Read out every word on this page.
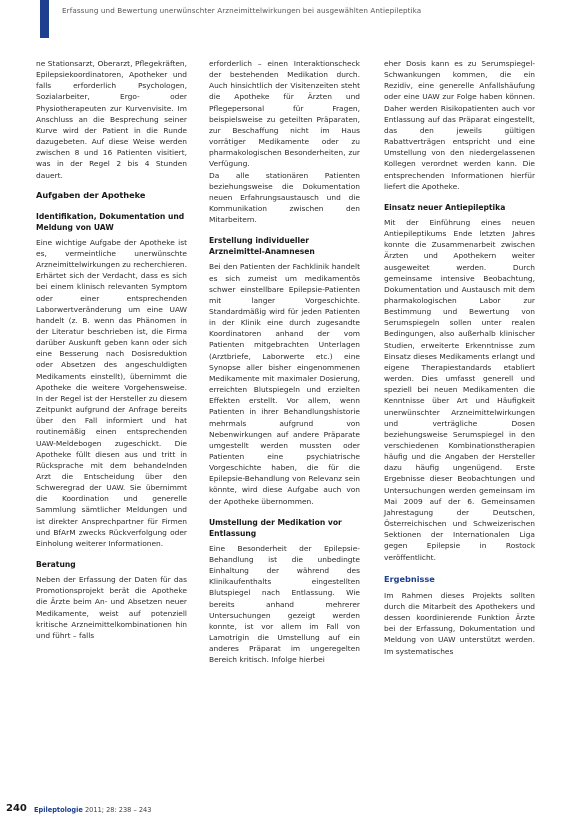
Erfassung und Bewertung unerwünschter Arzneimittelwirkungen bei ausgewählten Antiepileptika

ne Stationsarzt, Oberarzt, Pflegekräften, Epilepsiekoordinatoren, Apotheker und falls erforderlich Psychologen, Sozialarbeiter, Ergo- oder Physiotherapeuten zur Kurvenvisite. Im Anschluss an die Besprechung seiner Kurve wird der Patient in die Runde dazugebeten. Auf diese Weise werden zwischen 8 und 16 Patienten visitiert, was in der Regel 2 bis 4 Stunden dauert.

Aufgaben der Apotheke
Identifikation, Dokumentation und Meldung von UAW

Eine wichtige Aufgabe der Apotheke ist es, vermeintliche unerwünschte Arzneimittelwirkungen zu recherchieren. Erhärtet sich der Verdacht, dass es sich bei einem klinisch relevanten Symptom oder einer entsprechenden Laborwertveränderung um eine UAW handelt (z. B. wenn das Phänomen in der Literatur beschrieben ist, die Firma darüber Auskunft geben kann oder sich eine Besserung nach Dosisreduktion oder Absetzen des angeschuldigten Medikaments einstellt), übernimmt die Apotheke die weitere Vorgehensweise. In der Regel ist der Hersteller zu diesem Zeitpunkt aufgrund der Anfrage bereits über den Fall informiert und hat routinemäßig einen entsprechenden UAW-Meldebogen zugeschickt. Die Apotheke füllt diesen aus und tritt in Rücksprache mit dem behandelnden Arzt die Entscheidung über den Schweregrad der UAW. Sie übernimmt die Koordination und generelle Sammlung sämtlicher Meldungen und ist direkter Ansprechpartner für Firmen und BfArM zwecks Rückverfolgung oder Einholung weiterer Informationen.

Beratung

Neben der Erfassung der Daten für das Promotionsprojekt berät die Apotheke die Ärzte beim An- und Absetzen neuer Medikamente, weist auf potenziell kritische Arzneimittelkombinationen hin und führt – falls

erforderlich – einen Interaktionscheck der bestehenden Medikation durch. Auch hinsichtlich der Visitenzeiten steht die Apotheke für Ärzten und Pflegepersonal für Fragen, beispielsweise zu geteilten Präparaten, zur Beschaffung nicht im Haus vorrätiger Medikamente oder zu pharmakologischen Besonderheiten, zur Verfügung.
Da alle stationären Patienten beziehungsweise die Dokumentation neuen Erfahrungsaustausch und die Kommunikation zwischen den Mitarbeitern.

Erstellung individueller Arzneimittel-Anamnesen

Bei den Patienten der Fachklinik handelt es sich zumeist um medikamentös schwer einstellbare Epilepsie-Patienten mit langer Vorgeschichte. Standardmäßig wird für jeden Patienten in der Klinik eine durch zugesandte Koordinatoren anhand der vom Patienten mitgebrachten Unterlagen (Arztbriefe, Laborwerte etc.) eine Synopse aller bisher eingenommenen Medikamente mit maximaler Dosierung, erreichten Blutspiegeln und erzielten Effekten erstellt. Vor allem, wenn Patienten in ihrer Behandlungshistorie mehrmals aufgrund von Nebenwirkungen auf andere Präparate umgestellt werden mussten oder Patienten eine psychiatrische Vorgeschichte haben, die für die Epilepsie-Behandlung von Relevanz sein könnte, wird diese Aufgabe auch von der Apotheke übernommen.

Umstellung der Medikation vor Entlassung

Eine Besonderheit der Epilepsie-Behandlung ist die unbedingte Einhaltung der während des Klinikaufenthalts eingestellten Blutspiegel nach Entlassung. Wie bereits anhand mehrerer Untersuchungen gezeigt werden konnte, ist vor allem im Fall von Lamotrigin die Umstellung auf ein anderes Präparat im ungeregelten Bereich kritisch. Infolge hierbei

eher Dosis kann es zu Serumspiegel-Schwankungen kommen, die ein Rezidiv, eine generelle Anfallshäufung oder eine UAW zur Folge haben können. Daher werden Risikopatienten auch vor Entlassung auf das Präparat eingestellt, das den jeweils gültigen Rabattverträgen entspricht und eine Umstellung von den niedergelassenen Kollegen verordnet werden kann. Die entsprechenden Informationen hierfür liefert die Apotheke.

Einsatz neuer Antiepileptika

Mit der Einführung eines neuen Antiepileptikums Ende letzten Jahres konnte die Zusammenarbeit zwischen Ärzten und Apothekern weiter ausgeweitet werden. Durch gemeinsame intensive Beobachtung, Dokumentation und Austausch mit dem pharmakologischen Labor zur Bestimmung und Bewertung von Serumspiegeln sollen unter realen Bedingungen, also außerhalb klinischer Studien, erweiterte Erkenntnisse zum Einsatz dieses Medikaments erlangt und eigene Therapiestandards etabliert werden. Dies umfasst generell und speziell bei neuen Medikamenten die Kenntnisse über Art und Häufigkeit unerwünschter Arzneimittelwirkungen und verträgliche Dosen beziehungsweise Serumspiegel in den verschiedenen Kombinationstherapien häufig und die Angaben der Hersteller dazu häufig ungenügend. Erste Ergebnisse dieser Beobachtungen und Untersuchungen werden gemeinsam im Mai 2009 auf der 6. Gemeinsamen Jahrestagung der Deutschen, Österreichischen und Schweizerischen Sektionen der Internationalen Liga gegen Epilepsie in Rostock veröffentlicht.

Ergebnisse

Im Rahmen dieses Projekts sollten durch die Mitarbeit des Apothekers und dessen koordinierende Funktion Ärzte bei der Erfassung, Dokumentation und Meldung von UAW unterstützt werden. Im systematisches

240 Epileptologie 2011; 28: 238 – 243
